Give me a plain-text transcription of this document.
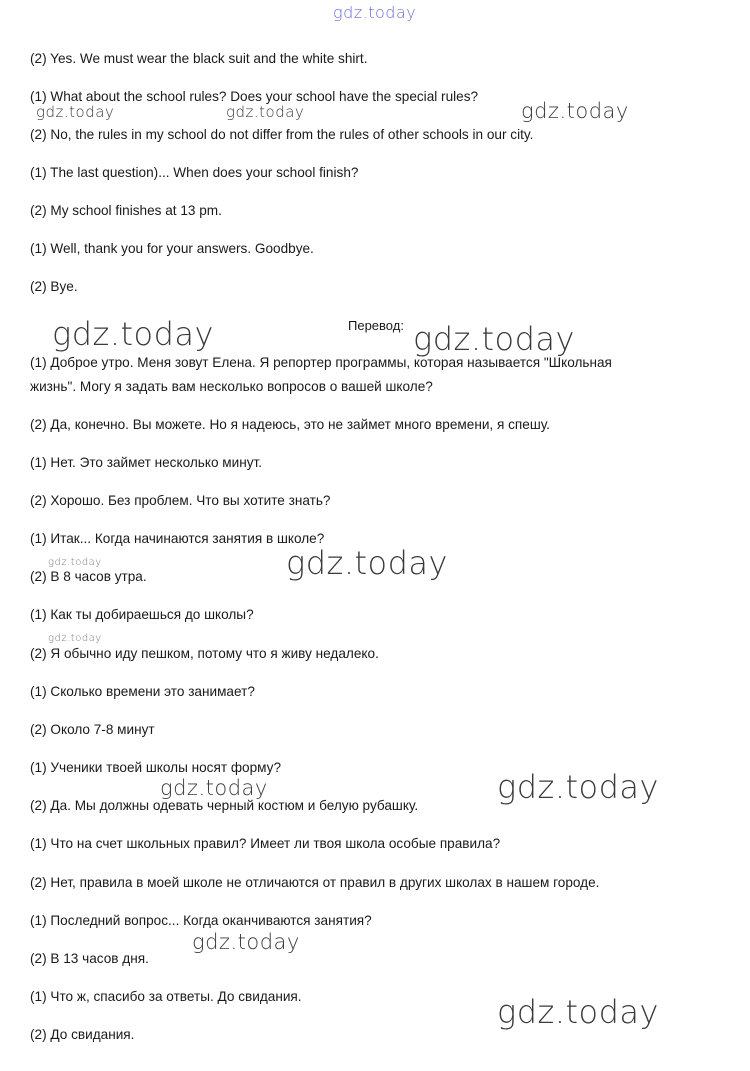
gdz.today

gdz.today	gdz.today	gdz.today

gdz.today	gdz.today

gdz.today	gdz.today

gdz.today

gdz.today

gdz.today

gdz.today

gdz.today

(2) Yes. We must wear the black suit and the white shirt.

(1) What about the school rules? Does your school have the special rules?

(2) No, the rules in my school do not differ from the rules of other schools in our city.

(1) The last question)... When does your school finish?

(2) My school finishes at 13 pm.

(1) Well, thank you for your answers. Goodbye.

(2) Bye.

Перевод:

(1) Доброе утро. Меня зовут Елена. Я репортер программы, которая называется "Школьная

жизнь". Могу я задать вам несколько вопросов о вашей школе?

(2) Да, конечно. Вы можете. Но я надеюсь, это не займет много времени, я спешу.

(1) Нет. Это займет несколько минут.

(2) Хорошо. Без проблем. Что вы хотите знать?

(1) Итак... Когда начинаются занятия в школе?

(2) В 8 часов утра.

(1) Как ты добираешься до школы?

(2) Я обычно иду пешком, потому что я живу недалеко.

(1) Сколько времени это занимает?

(2) Около 7-8 минут

(1) Ученики твоей школы носят форму?

(2) Да. Мы должны одевать черный костюм и белую рубашку.

(1) Что на счет школьных правил? Имеет ли твоя школа особые правила?

(2) Нет, правила в моей школе не отличаются от правил в других школах в нашем городе.

(1) Последний вопрос... Когда оканчиваются занятия?

(2) В 13 часов дня.

(1) Что ж, спасибо за ответы. До свидания.

(2) До свидания.
